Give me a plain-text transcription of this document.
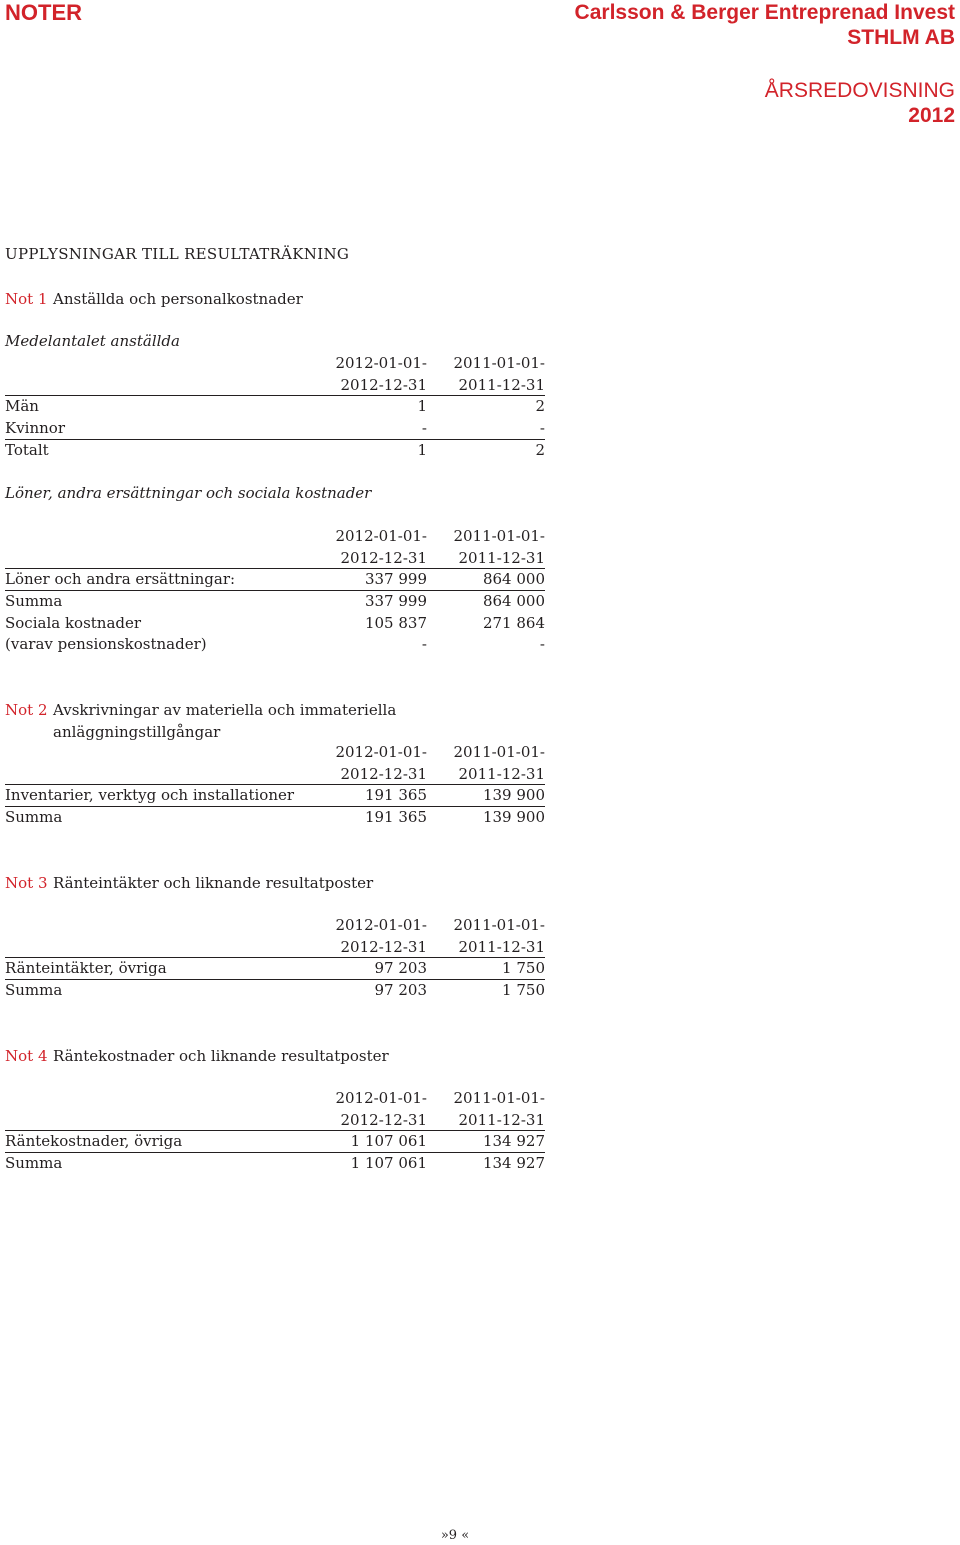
NOTER	Carlsson & Berger Entreprenad Invest
STHLM AB
ÅRSREDOVISNING
2012
UPPLYSNINGAR TILL RESULTATRÄKNING
Not 1 Anställda och personalkostnader
Medelantalet anställda
2012-01-01- 2011-01-01-
2012-12-31 2011-12-31
Män	1	2
Kvinnor	-	-
Totalt	1	2
Löner, andra ersättningar och sociala kostnader
2012-01-01- 2011-01-01-
2012-12-31 2011-12-31
Löner och andra ersättningar:	337 999	864 000
Summa	337 999	864 000
Sociala kostnader	105 837	271 864
(varav pensionskostnader)	-	-
Not 2 Avskrivningar av materiella och immateriella
anläggningstillgångar
2012-01-01- 2011-01-01-
2012-12-31 2011-12-31
Inventarier, verktyg och installationer	191 365	139 900
Summa	191 365	139 900
Not 3 Ränteintäkter och liknande resultatposter
2012-01-01- 2011-01-01-
2012-12-31 2011-12-31
Ränteintäkter, övriga	97 203	1 750
Summa	97 203	1 750
Not 4 Räntekostnader och liknande resultatposter
2012-01-01- 2011-01-01-
2012-12-31 2011-12-31
Räntekostnader, övriga	1 107 061	134 927
Summa	1 107 061	134 927
»9 «
